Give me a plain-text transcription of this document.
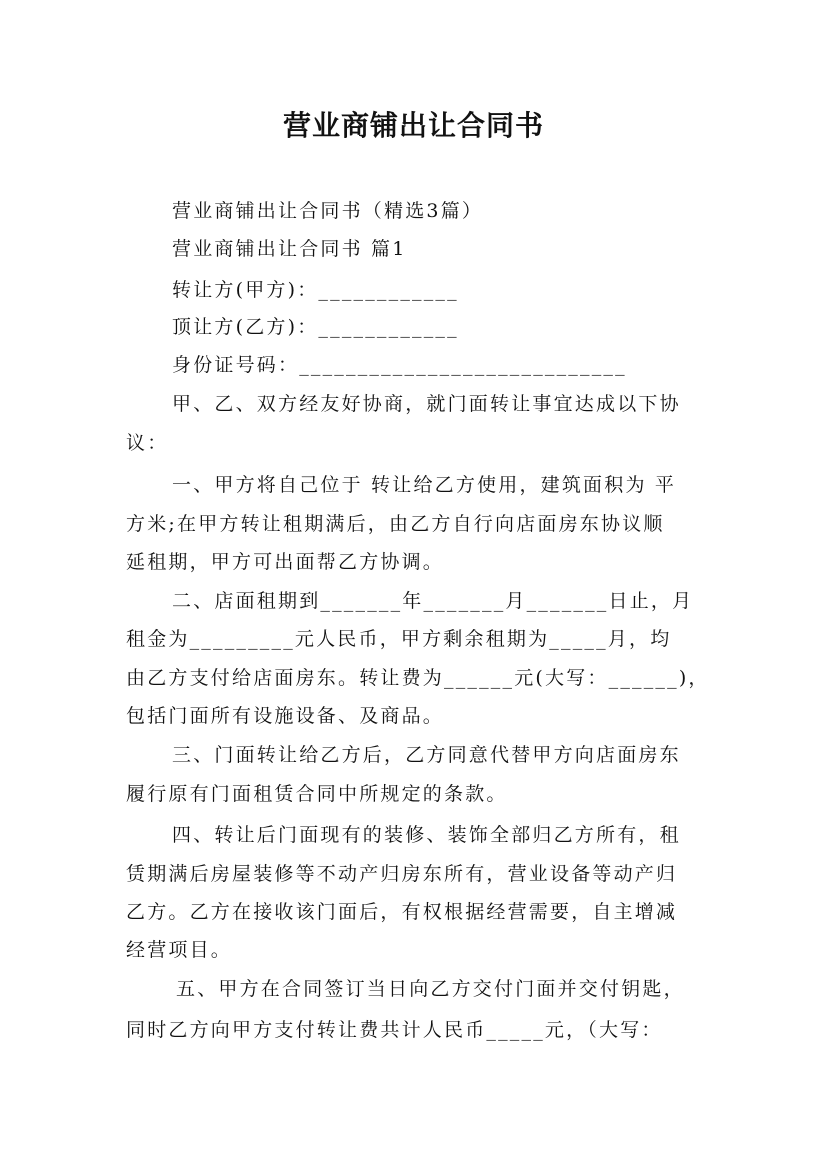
营业商铺出让合同书
营业商铺出让合同书（精选3篇）
营业商铺出让合同书 篇1
转让方(甲方)：____________
顶让方(乙方)：____________
身份证号码：____________________________
甲、乙、双方经友好协商，就门面转让事宜达成以下协
议：
一、甲方将自己位于 转让给乙方使用，建筑面积为 平
方米;在甲方转让租期满后，由乙方自行向店面房东协议顺
延租期，甲方可出面帮乙方协调。
二、店面租期到_______年_______月_______日止，月
租金为_________元人民币，甲方剩余租期为_____月，均
由乙方支付给店面房东。转让费为______元(大写：______)，
包括门面所有设施设备、及商品。
三、门面转让给乙方后，乙方同意代替甲方向店面房东
履行原有门面租赁合同中所规定的条款。
四、转让后门面现有的装修、装饰全部归乙方所有，租
赁期满后房屋装修等不动产归房东所有，营业设备等动产归
乙方。乙方在接收该门面后，有权根据经营需要，自主增减
经营项目。
五、甲方在合同签订当日向乙方交付门面并交付钥匙，
同时乙方向甲方支付转让费共计人民币_____元，（大写：
